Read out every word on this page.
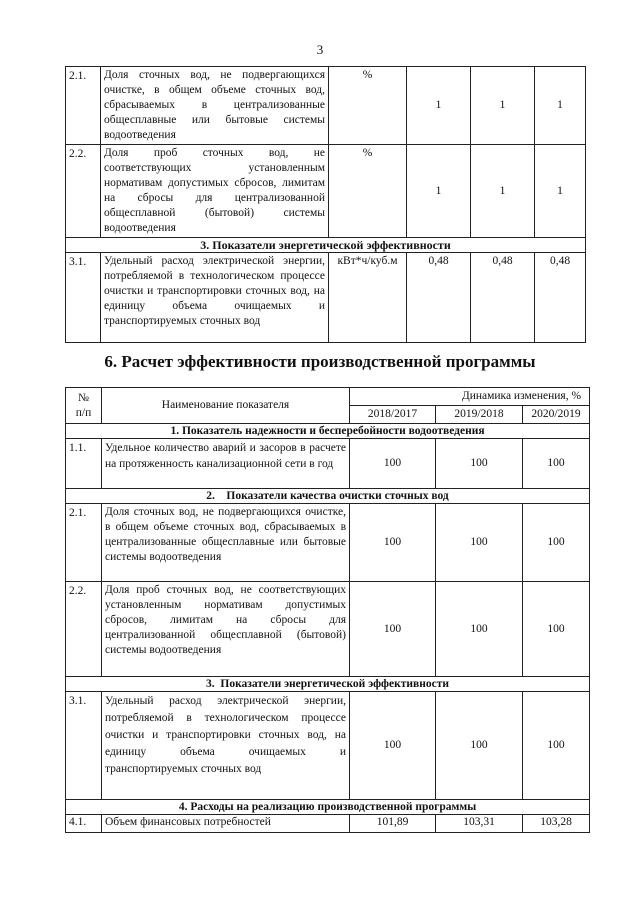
3
2.1.	Доля сточных вод, не подвергающихся очистке, в общем объеме сточных вод, сбрасываемых в централизованные общесплавные или бытовые системы водоотведения	%	1	1	1
2.2.	Доля проб сточных вод, не соответствующих установленным нормативам допустимых сбросов, лимитам на сбросы для централизованной общесплавной (бытовой) системы водоотведения	%	1	1	1
3. Показатели энергетической эффективности					
3.1.	Удельный расход электрической энергии, потребляемой в технологическом процессе очистки и транспортировки сточных вод, на единицу объема очищаемых и транспортируемых сточных вод	кВт*ч/куб.м	0,48	0,48	0,48
6. Расчет эффективности производственной программы
№
п/п	Наименование показателя	Динамика изменения, %		
		2018/2017	2019/2018	2020/2019
1. Показатель надежности и бесперебойности водоотведения				
1.1.	Удельное количество аварий и засоров в расчете на протяженность канализационной сети в год	100	100	100
2.    Показатели качества очистки сточных вод				
2.1.	Доля сточных вод, не подвергающихся очистке, в общем объеме сточных вод, сбрасываемых в централизованные общесплавные или бытовые системы водоотведения	100	100	100
2.2.	Доля проб сточных вод, не соответствующих установленным нормативам допустимых сбросов, лимитам на сбросы для централизованной общесплавной (бытовой) системы водоотведения	100	100	100
3.  Показатели энергетической эффективности				
3.1.	Удельный расход электрической энергии, потребляемой в технологическом процессе очистки и транспортировки сточных вод, на единицу объема очищаемых и транспортируемых сточных вод	100	100	100
4. Расходы на реализацию производственной программы				
4.1.	Объем финансовых потребностей	101,89	103,31	103,28
